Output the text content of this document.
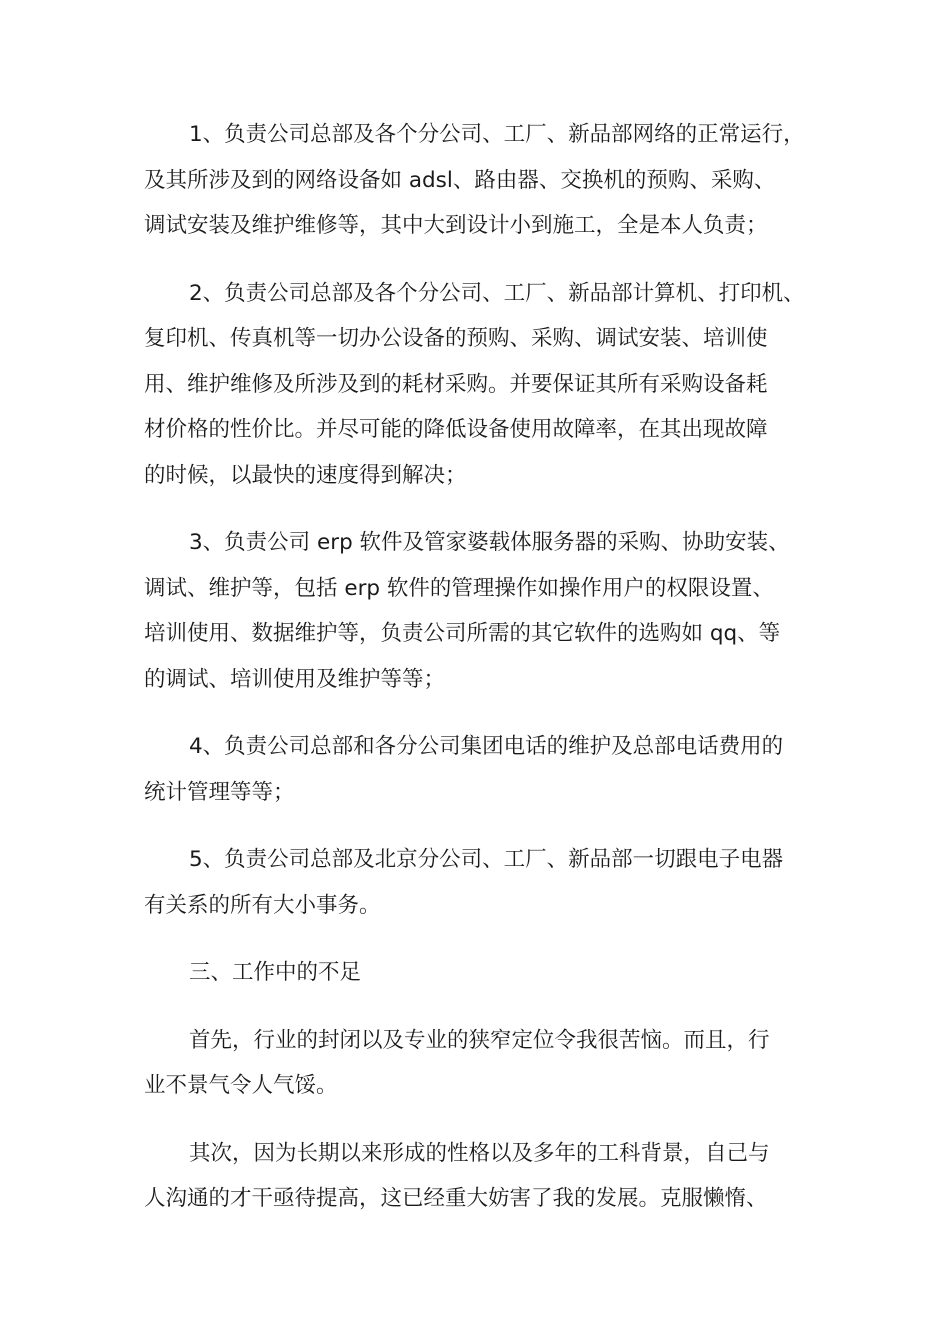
1、负责公司总部及各个分公司、工厂、新品部网络的正常运行，
及其所涉及到的网络设备如 adsl、路由器、交换机的预购、采购、
调试安装及维护维修等，其中大到设计小到施工，全是本人负责；

2、负责公司总部及各个分公司、工厂、新品部计算机、打印机、
复印机、传真机等一切办公设备的预购、采购、调试安装、培训使
用、维护维修及所涉及到的耗材采购。并要保证其所有采购设备耗
材价格的性价比。并尽可能的降低设备使用故障率，在其出现故障
的时候，以最快的速度得到解决；

3、负责公司 erp 软件及管家婆载体服务器的采购、协助安装、
调试、维护等，包括 erp 软件的管理操作如操作用户的权限设置、
培训使用、数据维护等，负责公司所需的其它软件的选购如 qq、等
的调试、培训使用及维护等等；

4、负责公司总部和各分公司集团电话的维护及总部电话费用的
统计管理等等；

5、负责公司总部及北京分公司、工厂、新品部一切跟电子电器
有关系的所有大小事务。

三、工作中的不足

首先，行业的封闭以及专业的狭窄定位令我很苦恼。而且，行
业不景气令人气馁。

其次，因为长期以来形成的性格以及多年的工科背景，自己与
人沟通的才干亟待提高，这已经重大妨害了我的发展。克服懒惰、
